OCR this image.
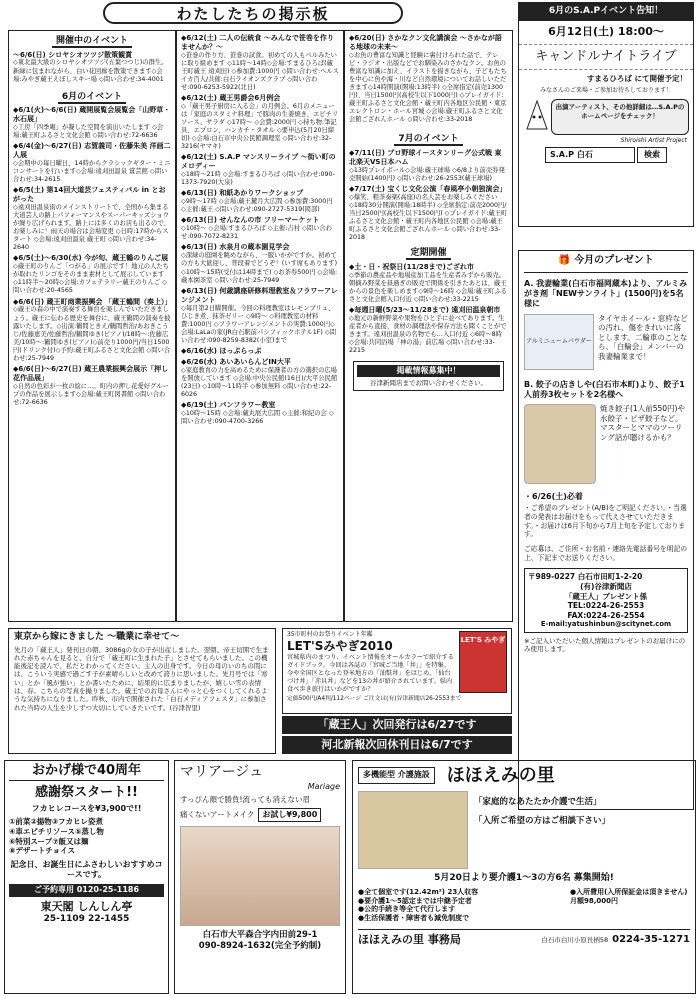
わたしたちの掲示板
開催中のイベント
〜6/6(日) シロヤシオツツジ散策観賞
◇東北最大級のシロヤシオツツジ(五葉つつじ)の群生。新緑に包まれながら、白い花回廊を散策できます◇会場:みやぎ蔵王えぼしスキー場 ◇問い合わせ:34-4001
6月のイベント
◆6/1(火)〜6/6(日) 蔵開展覧会展覧会「山野草・水石展」
◇工房「四季庵」が凝した空間を演出いたします ◇会場:蔵王町ふるさと文化会館 ◇問い合わせ:72-6636
◆6/4(金)〜6/27(日) 志賀義司・佐藤朱美 洋画二人展
◇会期中の毎日曜日、14時からクラシックギター・ミニコンサートを行います◇会場:遠刈田温泉 賞芸館 ◇問い合わせ:34-2615
◆6/5(土) 第14回大道芸フェスティバル in とおがった
◇遠刈田温泉街のメインストリートで、全国から集まる大道芸人の路上パフォーマンスやスーパーキッズショウが繰り広げられます。路上には多くのお店も出るので、お楽しみに！雨天の場合は会場変更 ◇日時:17時からスタート ◇会場:遠刈田温泉 蔵王町 ◇問い合わせ:34-2640
◆6/5(土)〜6/30(水) 今が旬、蔵王鶴のりんご展
◇蔵王町のりんご「つがる」の展示です！地元の人たちが取れたリンゴをそのまま素材として展示しています◇11時半〜20時◇会場:カフェテラリー蔵王のりんご ◇問い合わせ:20-4565
◆6/6(日) 蔵王町商業振興会 「蔵王鶴間（奏上）」
◇蔵王の森の中で演奏する舞台を楽しんでいただきましょう。蔵王に伝わる歴史を舞台に、蔵王鶴間の演奏を披露いたします。◇出演:鶴間ときえ/鶴間哲治/あおきこうじ/佐藤恵美/佐藤哲治/鶴間ゆき(ピアノ)/18時〜:佐藤広美/10時〜:鶴間ゆき(ピアノ)◇前売り1000円/当日1500円(ドリンク付)◇予約:蔵王町ふるさと文化会館 ◇問い合わせ:25-7949
◆6/6(日)〜6/27(日) 蔵王農業振興会展示「押し花作品展」
◇自然の色彩が一枚の絵に…。町内の押し花愛好グループの作品を展示します◇会場:蔵王町図書館 ◇問い合わせ:72-6636
◆6/12(土) 二人の伝統食 〜みんなで笹巻を作りませんか？〜
◇笹巻の作り方、笹巻の試食。初めての人もベルみたいに取り組めます ◇11時〜14時◇会場:すまるひろば(蔵王町蔵王 遠刈田) ◇参加費:1000円 ◇問い合わせ:ヘルス イカ百人/共催:白石ライオンズクラブ ◇問い合わせ:090-6253-5922(北日)
◆6/12(土) 蔵王男爵会6月例会
◇「蔵王男子厨房に入る会」の月例会。6月のメニューは「家庭のスタミナ料理」で豚肉の生姜焼き、エビチリソース、サラダ ◇17時〜 ◇会費:2000円 ◇持ち物:筆記具、エプロン、ハンカチ・タオル ◇要申込(5月20日締切) ◇会場:白石市中央公民館調理室 ◇問い合わせ:32-3216(ヤマキ)
◆6/12(土) S.A.P マンスリーライブ 〜街い町のメロディー
◇18時〜21時 ◇会場:すまるひろば ◇問い合わせ:090-1373-7920(大泉)
◆6/13(日) 和紙あかりワークショップ
◇9時〜17時 ◇会場:蔵王麓月大広間 ◇参加費:3000円 ◇主催:蔵王 ◇問い合わせ:090-2727-5319(岡部)
◆6/13(日) せんなんの市 フリーマーケット
◇10時〜 ◇会場:すまるひろば ◇主催:吉村 ◇問い合わせ:090-7072-8231
◆6/13(日) 水泉月の蔵本園見学会
◇深緑の庭園を眺めながら、一服いかがですか。初めての方も大歓迎し、普段着でどうぞ！(いす席もあります) ◇10時〜15時(受付は14時まで) ◇お茶券500円 ◇会場:蔵本園茶室 ◇問い合わせ:25-7949
◆6/13(日) 何歳講座研修料理教室＆フラワーアレンジメント
◇毎月第2日曜開催。今回の料理教室はレモンブリュ、ひじき煮、抹茶ゼリー ◇9時〜 ◇料理教室の材料費:1000円 ◇フラワーアレンジメントの実費:1000円◇会場:LaLaの家(JR白石駅前パシフィックホテル1F) ◇問い合わせ:090-8259-8382(小室)まで
◆6/16(水) ほっぷらっぷ
◆6/26(水) あいあいらんどIN大平
◇家庭教育の力を高めるために保護者の方の選択の広場を開放しています ◇会場:中央公民館(16日)/大平公民館(23日) ◇10時〜11時半 ◇参加無料 ◇問い合わせ:22-6026
◆6/19(土) パンフラワー教室
◇10時〜15時 ◇会場:蔵丸展大広間 ◇主催:和紀の会 ◇問い合わせ:090-4700-3266
◆6/20(日) さかなクン文化講演会 〜さかなが語る地球の未来〜
◇お魚の豊富な知識と経験に裏付けられた話で、テレビ・ラジオ・出版などでお馴染みのさかなクン。お魚の豊富な知識に加え、イラストを描きながら、子どもたちを中心に魚や海・川など自然環境についてお話しいただきます◇14時開演(開場:13時半) ◇全席指定(前売1300円)、当日1500円(高校生以下1000円) ◇プレイガイド:蔵王町ふるさと文化会館・蔵王町内各地区公民館・東京エレクトロン・ホール宮城 ◇会場:蔵王町ふるさと文化会館ござれんホール ◇問い合わせ:33-2018
7月のイベント
◆7/11(日) プロ野球イースタンリーグ公式戦 東北楽天VS日本ハム
◇13時プレイボール◇会場:蔵王球場 ◇6/8より前売券発売開始(1400円) ◇問い合わせ:26-2553(蔵王球場)
◆7/17(土) 宝くじ文化公演「春風亭小朝独演会」
◇爆笑、粗茶奏楽(高座)の名人芸をお楽しみください ◇18時30分開演(開場:18時半) ◇全席指定:前売2000円/当日2500円(高校生以下1500円) ◇プレイガイド:蔵王町ふるさと文化会館・蔵王町内各地区公民館 ◇会場:蔵王町ふるさと文化会館ござれんホール ◇問い合わせ:33-2018
定期開催
◆土・日・祝祭日(11/28まで)ござれ市
◇季節の農産品や地場産加工品を生産者みずから販売。朝摘み野菜を昼過ぎの販売で関係を引きたあとは、蔵王からの景色を楽しめます◇9時〜16時 ◇会場:蔵王町ふるさと文化会館入口付近 ◇問い合わせ:33-2215
◆毎週日曜(5/23〜11/28まで) 遠刈田温泉朝市
◇地元の新鮮野菜や果物をひと手に並べてあります。生産者から直接、食材の調理法や保存方法も聞くことができます。遠刈田温泉の名物でも…入口付近 ◇6時〜8時 ◇会場:共同浴場「神の湯」前広場 ◇問い合わせ:33-2215
掲載情報募集中！
谷津新聞店までお問い合わせください。
6月のS.A.Pイベント告知！
6月12日(土) 18:00〜
キャンドルナイトライブ
すまるひろば にて開催予定！
みなさんのご来場・ご参加お待ちしております！
出演アーティスト、その他詳細は…S.A.Pのホームページをチェック！
Shiroishi Artist Project
S.A.P 白石	検索
🎁 今月のプレゼント
A. 我妻輪業(白石市福岡蔵本)より、アルミみがき剤「NEWサンライト」(1500円)を5名様に
アルミニュームパウダー
タイヤホイール・窓枠などの汚れ、傷をきれいに落とします。二輪車のことなら、「白輪会」メンバーの我妻輪業まで！
B. 餃子の店きしや(白石市本町)より、餃子1人前券3枚セットを2名様へ
焼き餃子(1人前550円)や水餃子・ピザ餃子など。マスターとママのツーリング話が聴けるかも？
・6/26(土)必着
・ご希望のプレゼント(A/B)をご明記ください。・当選者の発表はお届けをもって代えさせていただきます。・お届けは6月下旬から7月上旬を予定しております。
ご応募は、ご住所・お名前・連絡先電話番号を明記の上、下記までお送りください。
〒989-0227 白石市田町1-2-20
(有)谷津新聞店
「蔵王人」プレゼント係
TEL:0224-26-2553
FAX:0224-26-2554
E-mail:yatushinbun@scitynet.com
※ご記入いただいた個人情報はプレゼントのお届けにのみ使用します。
東京から嫁にきました 〜職業に幸せて〜
先月の「蔵王人」発刊日の朝、3086gの女の子が出産しました。翌朝、帝王切開で生まれた赤ちゃんを見ると、自分で「蔵王町に生まれた子」とさせてもらいました。この機能後記を読んで、私だとわかってください。主人の出身です。今日の母のいのちの間には、こういう実感で過ごす子が素晴らしいと改めて誇りに思いました。先月号では「寒い」とか「風が強い」とか書いたために、結果的に広まりましたが、嬉しい雪の表情は、春。こちらの写真を撮りました。蔵王でのお母さんにやっと心をつくしてくれるような気持ちになりました。昨秋、市内で開催された「白石メディアフェスタ」に参加された当時の人生を少しずつ大切にしていきたいです。(谷津智里)
35市町村のお祭りイベント年鑑
LET'Sみやぎ2010
宮城県内のまつり、イベント情報をオールカラーで紹介するガイドブック。今回は各誌の「宮城ご当地「丼」」を特集。今や全国区となった登米地方の「油麩丼」をはじめ、「仙台づけ丼」「赤貝丼」などを13の丼が紹介されています。県内食べ歩き旅行はいかがですか？
LET'S みやぎ
定価500円/A4判/112ページ ご注文は(有)谷津新聞店26-2553まで
「蔵王人」次回発行は6/27です
河北新報次回休刊日は6/7です
おかげ様で40周年
感謝祭スタート!!
フカヒレコースを¥3,900で!!
①前菜②揚物③フカヒレ姿煮
④車エビチリソース⑤蒸し物
⑥特別スープ⑦飯又は麺
⑧デザートチョイス
記念日、お誕生日にふさわしいおすすめコースです。
ご予約専用 0120-25-1186
東天閣 しんしん亭
25-1109 22-1455
マリアージュ
Mariage
すっぴん顔で勝負!流っても消えない眉
痛くないアートメイク	お試し¥9,800
白石市大平森合字内田前29-1
090-8924-1632(完全予約制)
多機能型 介護施設 ほほえみの里
「家庭的なあたたか介護で生活」
「入所ご希望の方はご相談下さい」
5月20日より要介護1〜3の方6名 募集開始!
●全て個室です(12.42m²) 23人収容
●要介護1〜5認定までは中継予定者
●公的手続き等全て代行します
●生活保護者・障害者も減免制度で
●入所費用(入所保証金は頂きません)月額98,000円
ほほえみの里 事務局	白石市白川小原長柄58 0224-35-1271
